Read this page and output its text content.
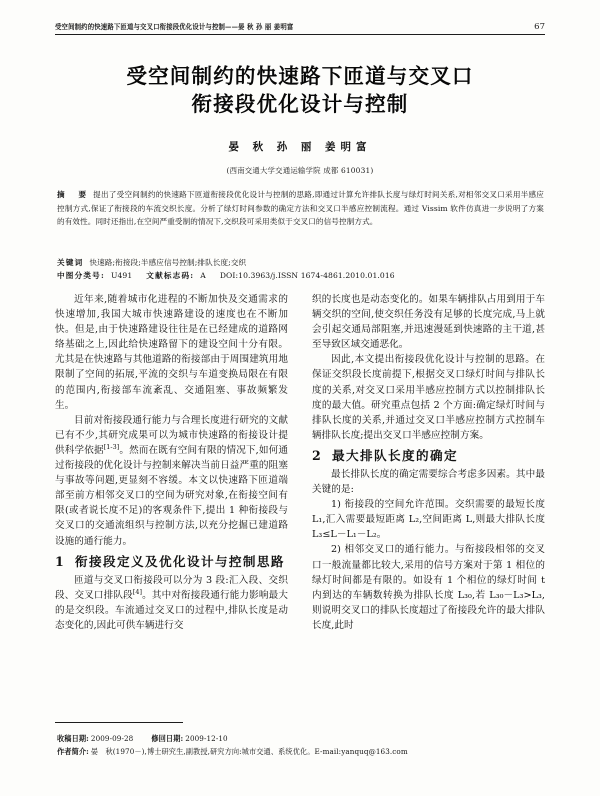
受空间制约的快速路下匝道与交叉口衔接段优化设计与控制——晏 秋 孙 丽 姜明富	67
受空间制约的快速路下匝道与交叉口
衔接段优化设计与控制
晏 秋 孙 丽 姜明富
(西南交通大学交通运输学院 成都 610031)
摘　要 提出了受空间制约的快速路下匝道衔接段优化设计与控制的思路,即通过计算允许排队长度与绿灯时间关系,对相邻交叉口采用半感应控制方式,保证了衔接段的车流交织长度。分析了绿灯时间参数的确定方法和交叉口半感应控制流程。通过 Vissim 软件仿真进一步说明了方案的有效性。同时还指出,在空间严重受制的情况下,交织段可采用类似于交叉口的信号控制方式。
关键词 快速路;衔接段;半感应信号控制;排队长度;交织
中图分类号: U491 文献标志码: A DOI:10.3963/j.ISSN 1674-4861.2010.01.016

近年来,随着城市化进程的不断加快及交通需求的快速增加,我国大城市快速路建设的速度也在不断加快。但是,由于快速路建设往往是在已经建成的道路网络基础之上,因此给快速路留下的建设空间十分有限。尤其是在快速路与其他道路的衔接部由于周围建筑用地限制了空间的拓展,平流的交织与车道变换局限在有限的范围内,衔接部车流紊乱、交通阻塞、事故频繁发生。

目前对衔接段通行能力与合理长度进行研究的文献已有不少,其研究成果可以为城市快速路的衔接设计提供科学依据[1-3]。然而在既有空间有限的情况下,如何通过衔接段的优化设计与控制来解决当前日益严重的阻塞与事故等问题,更显刻不容缓。本文以快速路下匝道端部至前方相邻交叉口的空间为研究对象,在衔接空间有限(或者说长度不足)的客观条件下,提出 1 种衔接段与交叉口的交通流组织与控制方法,以充分挖掘已建道路设施的通行能力。

1 衔接段定义及优化设计与控制思路

匝道与交叉口衔接段可以分为 3 段:汇入段、交织段、交叉口排队段[4]。其中对衔接段通行能力影响最大的是交织段。车流通过交叉口的过程中,排队长度是动态变化的,因此可供车辆进行交

织的长度也是动态变化的。如果车辆排队占用到用于车辆交织的空间,使交织任务没有足够的长度完成,马上就会引起交通局部阻塞,并迅速漫延到快速路的主干道,甚至导致区域交通恶化。

因此,本文提出衔接段优化设计与控制的思路。在保证交织段长度前提下,根据交叉口绿灯时间与排队长度的关系,对交叉口采用半感应控制方式以控制排队长度的最大值。研究重点包括 2 个方面:确定绿灯时间与排队长度的关系,并通过交叉口半感应控制方式控制车辆排队长度;提出交叉口半感应控制方案。

2 最大排队长度的确定

最长排队长度的确定需要综合考虑多因素。其中最关键的是:

1) 衔接段的空间允许范围。交织需要的最短长度 L₁,汇入需要最短距离 L₂,空间距离 L,则最大排队长度 L₃≤L－L₁－L₂。

2) 相邻交叉口的通行能力。与衔接段相邻的交叉口一般流量都比较大,采用的信号方案对于第 1 相位的绿灯时间都是有限的。如设有 1 个相位的绿灯时间 t 内到达的车辆数转换为排队长度 L₃₀,若 L₃₀－L₃>L₃,则说明交叉口的排队长度超过了衔接段允许的最大排队长度,此时

收稿日期: 2009-09-28	修回日期: 2009-12-10
作者简介: 晏　秋(1970－),博士研究生,副教授,研究方向:城市交通、系统优化。E-mail:yanquq@163.com
